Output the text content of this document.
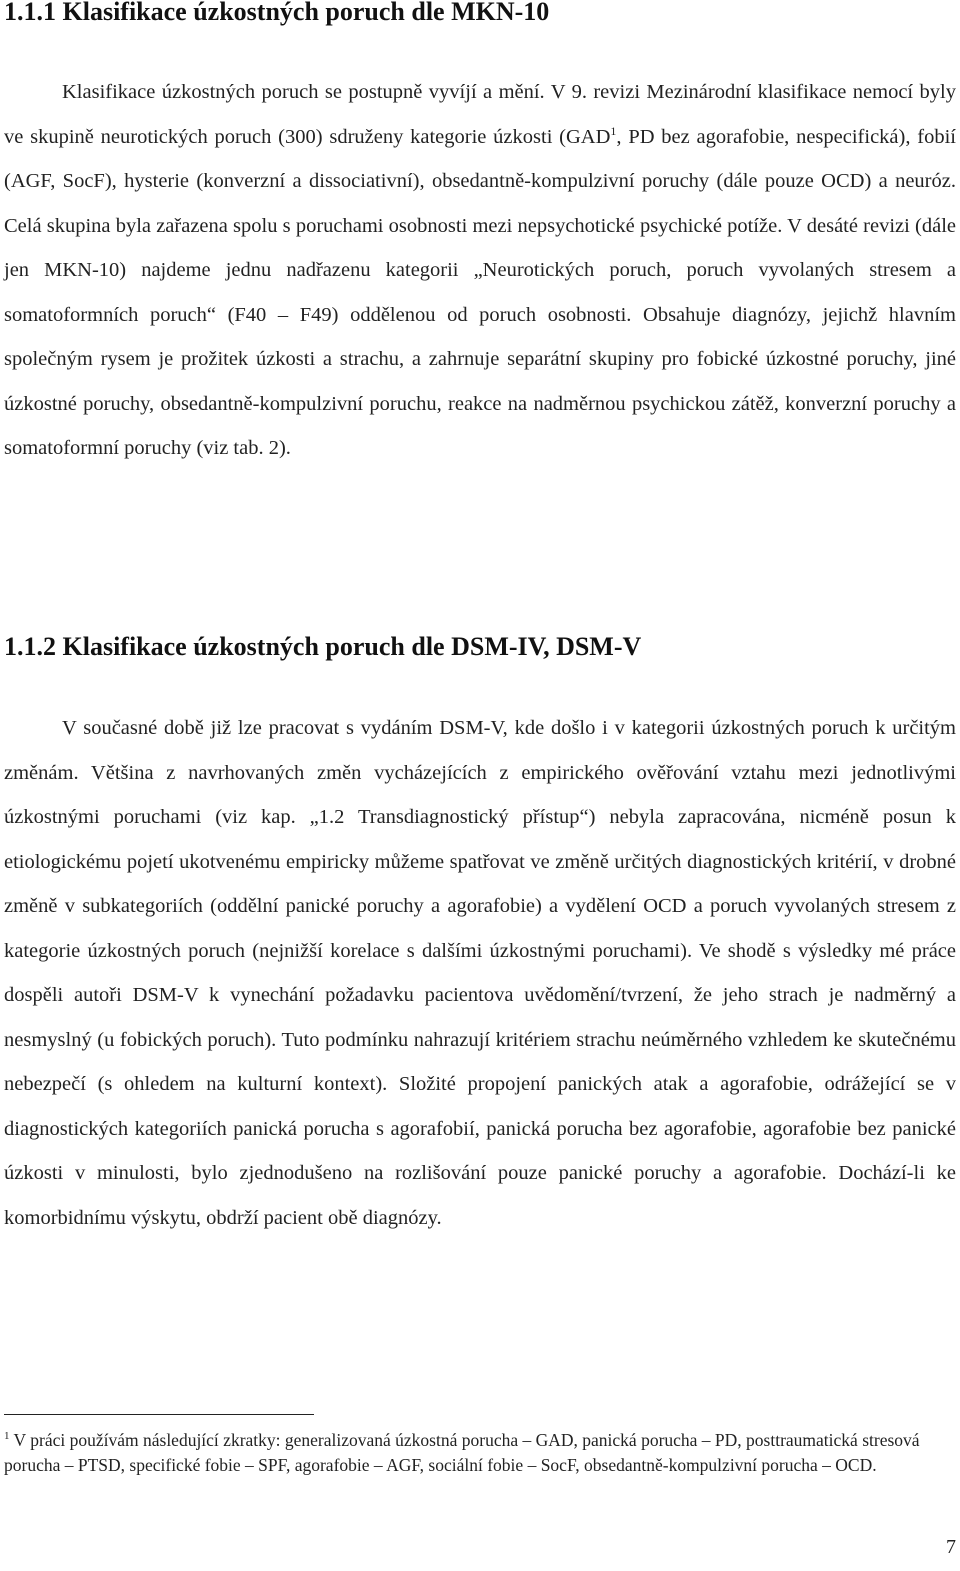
1.1.1 Klasifikace úzkostných poruch dle MKN-10

Klasifikace úzkostných poruch se postupně vyvíjí a mění. V 9. revizi Mezinárodní klasifikace nemocí byly ve skupině neurotických poruch (300) sdruženy kategorie úzkosti (GAD$^1$, PD bez agorafobie, nespecifická), fobií (AGF, SocF), hysterie (konverzní a dissociativní), obsedantně-kompulzivní poruchy (dále pouze OCD) a neuróz. Celá skupina byla zařazena spolu s poruchami osobnosti mezi nepsychotické psychické potíže. V desáté revizi (dále jen MKN-10) najdeme jednu nadřazenu kategorii „Neurotických poruch, poruch vyvolaných stresem a somatoformních poruch“ (F40 – F49) oddělenou od poruch osobnosti. Obsahuje diagnózy, jejichž hlavním společným rysem je prožitek úzkosti a strachu, a zahrnuje separátní skupiny pro fobické úzkostné poruchy, jiné úzkostné poruchy, obsedantně-kompulzivní poruchu, reakce na nadměrnou psychickou zátěž, konverzní poruchy a somatoformní poruchy (viz tab. 2).

1.1.2 Klasifikace úzkostných poruch dle DSM-IV, DSM-V

V současné době již lze pracovat s vydáním DSM-V, kde došlo i v kategorii úzkostných poruch k určitým změnám. Většina z navrhovaných změn vycházejících z empirického ověřování vztahu mezi jednotlivými úzkostnými poruchami (viz kap. „1.2 Transdiagnostický přístup“) nebyla zapracována, nicméně posun k etiologickému pojetí ukotvenému empiricky můžeme spatřovat ve změně určitých diagnostických kritérií, v drobné změně v subkategoriích (oddělní panické poruchy a agorafobie) a vydělení OCD a poruch vyvolaných stresem z kategorie úzkostných poruch (nejnižší korelace s dalšími úzkostnými poruchami). Ve shodě s výsledky mé práce dospěli autoři DSM-V k vynechání požadavku pacientova uvědomění/tvrzení, že jeho strach je nadměrný a nesmyslný (u fobických poruch). Tuto podmínku nahrazují kritériem strachu neúměrného vzhledem ke skutečnému nebezpečí (s ohledem na kulturní kontext). Složité propojení panických atak a agorafobie, odrážející se v diagnostických kategoriích panická porucha s agorafobií, panická porucha bez agorafobie, agorafobie bez panické úzkosti v minulosti, bylo zjednodušeno na rozlišování pouze panické poruchy a agorafobie. Dochází-li ke komorbidnímu výskytu, obdrží pacient obě diagnózy.

$^1$ V práci používám následující zkratky: generalizovaná úzkostná porucha – GAD, panická porucha – PD, posttraumatická stresová porucha – PTSD, specifické fobie – SPF, agorafobie – AGF, sociální fobie – SocF, obsedantně-kompulzivní porucha – OCD.

7
